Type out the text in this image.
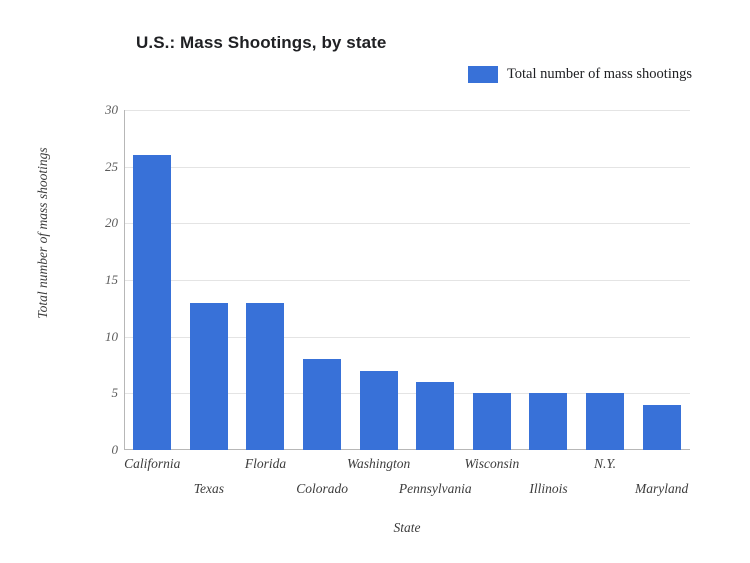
U.S.: Mass Shootings, by state
Total number of mass shootings
0
5
10
15
20
25
30
California
Texas
Florida
Colorado
Washington
Pennsylvania
Wisconsin
Illinois
N.Y.
Maryland
State
Total number of mass shootings
